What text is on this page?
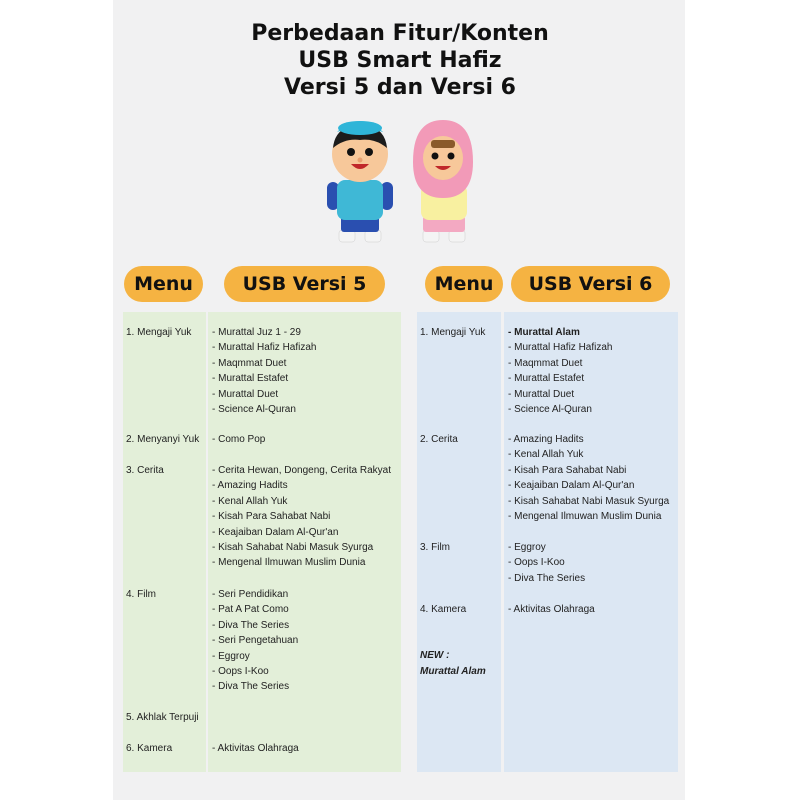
Perbedaan Fitur/Konten
USB Smart Hafiz
Versi 5 dan Versi 6
Menu	USB Versi 5	Menu	USB Versi 6
1. Mengaji Yuk - Murattal Juz 1 - 29
- Murattal Hafiz Hafizah
- Maqmmat Duet
- Murattal Estafet
- Murattal Duet
- Science Al-Quran
2. Menyanyi Yuk - Como Pop
3. Cerita	- Cerita Hewan, Dongeng, Cerita Rakyat
- Amazing Hadits
- Kenal Allah Yuk
- Kisah Para Sahabat Nabi
- Keajaiban Dalam Al-Qur'an
- Kisah Sahabat Nabi Masuk Syurga
- Mengenal Ilmuwan Muslim Dunia
4. Film	- Seri Pendidikan
- Pat A Pat Como
- Diva The Series
- Seri Pengetahuan
- Eggroy
- Oops I-Koo
- Diva The Series
5. Akhlak Terpuji
6. Kamera	- Aktivitas Olahraga
1. Mengaji Yuk - Murattal Alam
- Murattal Hafiz Hafizah
- Maqmmat Duet
- Murattal Estafet
- Murattal Duet
- Science Al-Quran
2. Cerita	- Amazing Hadits
- Kenal Allah Yuk
- Kisah Para Sahabat Nabi
- Keajaiban Dalam Al-Qur'an
- Kisah Sahabat Nabi Masuk Syurga
- Mengenal Ilmuwan Muslim Dunia
3. Film	- Eggroy
- Oops I-Koo
- Diva The Series
4. Kamera	- Aktivitas Olahraga
NEW :
Murattal Alam
